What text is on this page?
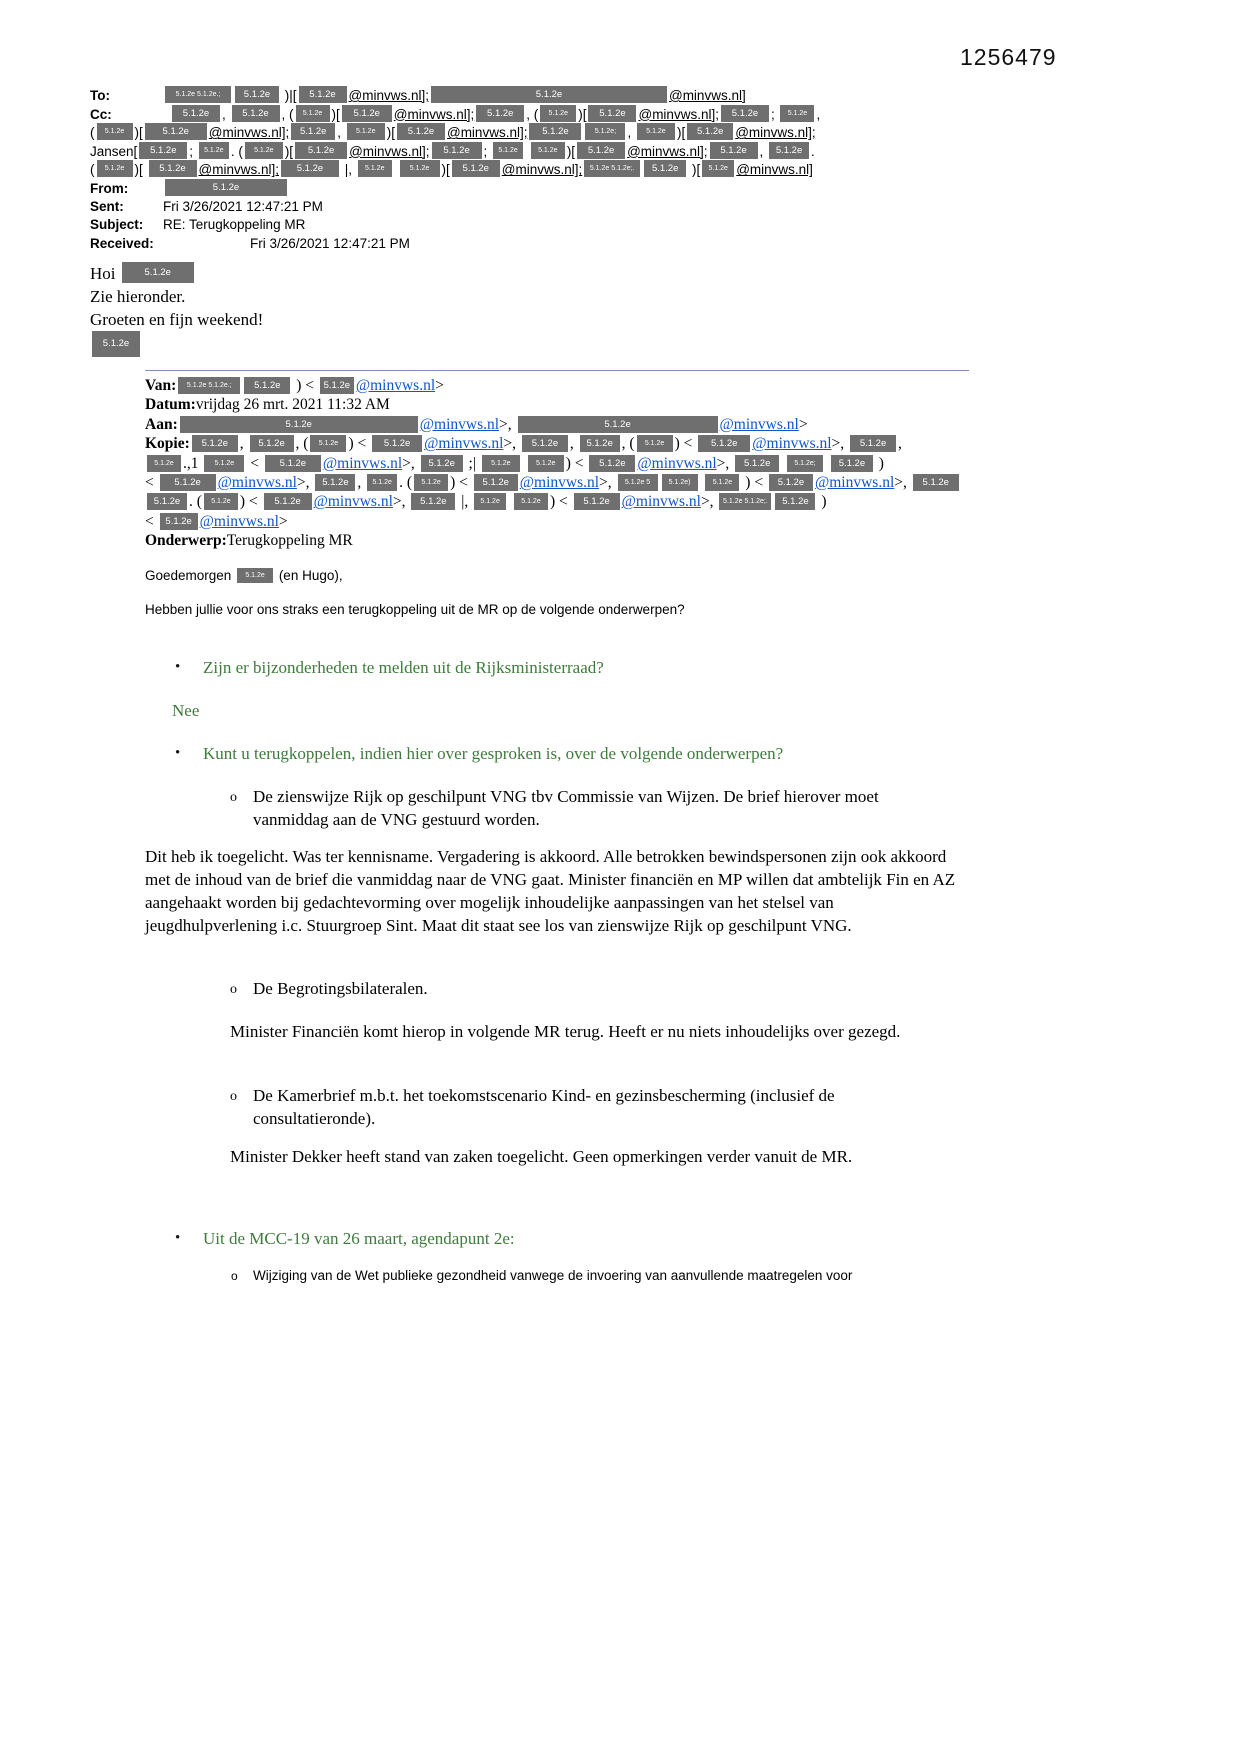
1256479
To:	5.1.2e 5.1.2e.; 5.1.2e )|[ 5.1.2e @minvws.nl];	5.1.2e	@minvws.nl]
Cc:	5.1.2e , 5.1.2e , ( 5.1.2e )[ 5.1.2e @minvws.nl]; 5.1.2e , ( 5.1.2e )[ 5.1.2e @minvws.nl]; 5.1.2e ; 5.1.2e ,
( 5.1.2e )[ 5.1.2e @minvws.nl]; 5.1.2e , 5.1.2e )[ 5.1.2e @minvws.nl]; 5.1.2e	5.1.2e; , 5.1.2e )[ 5.1.2e @minvws.nl];
Jansen[ 5.1.2e ; 5.1.2e . ( 5.1.2e )[ 5.1.2e @minvws.nl]; 5.1.2e ; 5.1.2e	5.1.2e )[ 5.1.2e @minvws.nl]; 5.1.2e , 5.1.2e .
( 5.1.2e )[ 5.1.2e @minvws.nl]; 5.1.2e |, 5.1.2e	5.1.2e )[ 5.1.2e @minvws.nl]; 5.1.2e 5.1.2e;. 5.1.2e )[ 5.1.2e @minvws.nl]
From:	5.1.2e
Sent:	Fri 3/26/2021 12:47:21 PM
Subject: RE: Terugkoppeling MR
Received:	Fri 3/26/2021 12:47:21 PM
Hoi	5.1.2e
Zie hieronder.
Groeten en fijn weekend!
5.1.2e
Van:5.1.2e 5.1.2e.; 5.1.2e ) < 5.1.2e @minvws.nl>
Datum:vrijdag 26 mrt. 2021 11:32 AM
Aan:	5.1.2e	@minvws.nl>,	5.1.2e	@minvws.nl>
Kopie:5.1.2e , 5.1.2e , ( 5.1.2e ) < 5.1.2e @minvws.nl>, 5.1.2e , 5.1.2e , ( 5.1.2e ) < 5.1.2e @minvws.nl>, 5.1.2e ,
5.1.2e .,1 5.1.2e < 5.1.2e @minvws.nl>, 5.1.2e ;| 5.1.2e	5.1.2e ) < 5.1.2e @minvws.nl>, 5.1.2e	5.1.2e; 5.1.2e )
< 5.1.2e @minvws.nl>, 5.1.2e , 5.1.2e . ( 5.1.2e ) < 5.1.2e @minvws.nl>, 5.1.2e 5	5.1.2e)	5.1.2e ) < 5.1.2e @minvws.nl>, 5.1.2e
5.1.2e . ( 5.1.2e ) < 5.1.2e @minvws.nl>, 5.1.2e |, 5.1.2e	5.1.2e ) < 5.1.2e @minvws.nl>, 5.1.2e 5.1.2e;. 5.1.2e )
< 5.1.2e @minvws.nl>
Onderwerp:Terugkoppeling MR
Goedemorgen 5.1.2e (en Hugo),
Hebben jullie voor ons straks een terugkoppeling uit de MR op de volgende onderwerpen?
• Zijn er bijzonderheden te melden uit de Rijksministerraad?
Nee
• Kunt u terugkoppelen, indien hier over gesproken is, over de volgende onderwerpen?
o De zienswijze Rijk op geschilpunt VNG tbv Commissie van Wijzen. De brief hierover moet vanmiddag aan de VNG gestuurd worden.
Dit heb ik toegelicht. Was ter kennisname. Vergadering is akkoord. Alle betrokken bewindspersonen zijn ook akkoord met de inhoud van de brief die vanmiddag naar de VNG gaat. Minister financiën en MP willen dat ambtelijk Fin en AZ aangehaakt worden bij gedachtevorming over mogelijk inhoudelijke aanpassingen van het stelsel van jeugdhulpverlening i.c. Stuurgroep Sint. Maat dit staat see los van zienswijze Rijk op geschilpunt VNG.
o De Begrotingsbilateralen.
Minister Financiën komt hierop in volgende MR terug. Heeft er nu niets inhoudelijks over gezegd.
o De Kamerbrief m.b.t. het toekomstscenario Kind- en gezinsbescherming (inclusief de consultatieronde).
Minister Dekker heeft stand van zaken toegelicht. Geen opmerkingen verder vanuit de MR.
• Uit de MCC-19 van 26 maart, agendapunt 2e:
o Wijziging van de Wet publieke gezondheid vanwege de invoering van aanvullende maatregelen voor
